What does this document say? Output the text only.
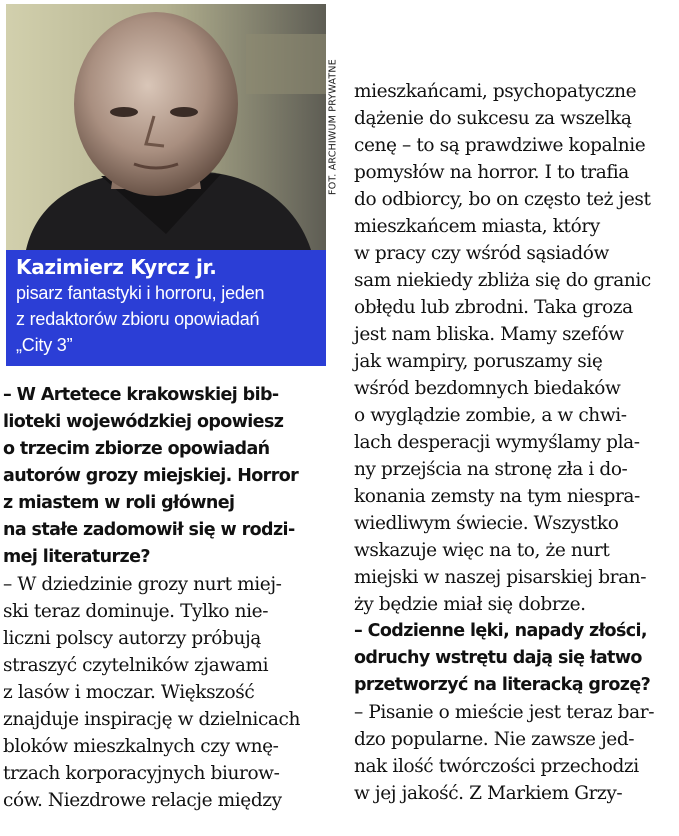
FOT. ARCHIWUM PRYWATNE
Kazimierz Kyrcz jr.
pisarz fantastyki i horroru, jeden
z redaktorów zbioru opowiadań
„City 3”
– W Artetece krakowskiej bib-
lioteki wojewódzkiej opowiesz
o trzecim zbiorze opowiadań
autorów grozy miejskiej. Horror
z miastem w roli głównej
na stałe zadomowił się w rodzi-
mej literaturze?
– W dziedzinie grozy nurt miej-
ski teraz dominuje. Tylko nie-
liczni polscy autorzy próbują
straszyć czytelników zjawami
z lasów i moczar. Większość
znajduje inspirację w dzielnicach
bloków mieszkalnych czy wnę-
trzach korporacyjnych biurow-
ców. Niezdrowe relacje między
mieszkańcami, psychopatyczne
dążenie do sukcesu za wszelką
cenę – to są prawdziwe kopalnie
pomysłów na horror. I to trafia
do odbiorcy, bo on często też jest
mieszkańcem miasta, który
w pracy czy wśród sąsiadów
sam niekiedy zbliża się do granic
obłędu lub zbrodni. Taka groza
jest nam bliska. Mamy szefów
jak wampiry, poruszamy się
wśród bezdomnych biedaków
o wyglądzie zombie, a w chwi-
lach desperacji wymyślamy pla-
ny przejścia na stronę zła i do-
konania zemsty na tym niespra-
wiedliwym świecie. Wszystko
wskazuje więc na to, że nurt
miejski w naszej pisarskiej bran-
ży będzie miał się dobrze.
– Codzienne lęki, napady złości,
odruchy wstrętu dają się łatwo
przetworzyć na literacką grozę?
– Pisanie o mieście jest teraz bar-
dzo popularne. Nie zawsze jed-
nak ilość twórczości przechodzi
w jej jakość. Z Markiem Grzy-
